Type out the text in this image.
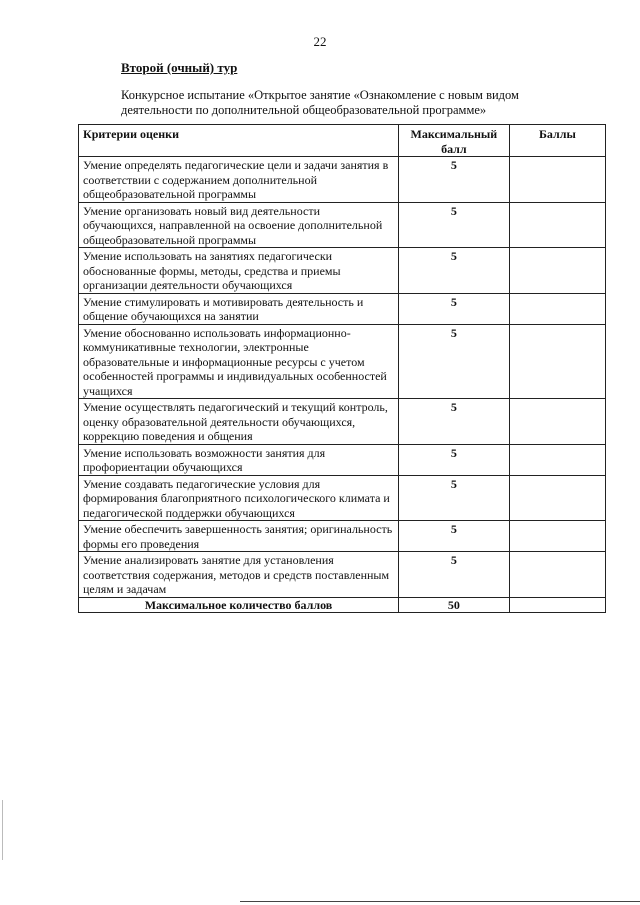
22
Второй (очный) тур
Конкурсное испытание «Открытое занятие «Ознакомление с новым видом деятельности по дополнительной общеобразовательной программе»
Критерии оценки	Максимальный балл	Баллы
Умение определять педагогические цели и задачи занятия в соответствии с содержанием дополнительной общеобразовательной программы	5	
Умение организовать новый вид деятельности обучающихся, направленной на освоение дополнительной общеобразовательной программы	5	
Умение использовать на занятиях педагогически обоснованные формы, методы, средства и приемы организации деятельности обучающихся	5	
Умение стимулировать и мотивировать деятельность и общение обучающихся на занятии	5	
Умение обоснованно использовать информационно-коммуникативные технологии, электронные образовательные и информационные ресурсы с учетом особенностей программы и индивидуальных особенностей учащихся	5	
Умение осуществлять педагогический и текущий контроль, оценку образовательной деятельности обучающихся, коррекцию поведения и общения	5	
Умение использовать возможности занятия для профориентации обучающихся	5	
Умение создавать педагогические условия для формирования благоприятного психологического климата и педагогической поддержки обучающихся	5	
Умение обеспечить завершенность занятия; оригинальность формы его проведения	5	
Умение анализировать занятие для установления соответствия содержания, методов и средств поставленным целям и задачам	5	
Максимальное количество баллов	50	
